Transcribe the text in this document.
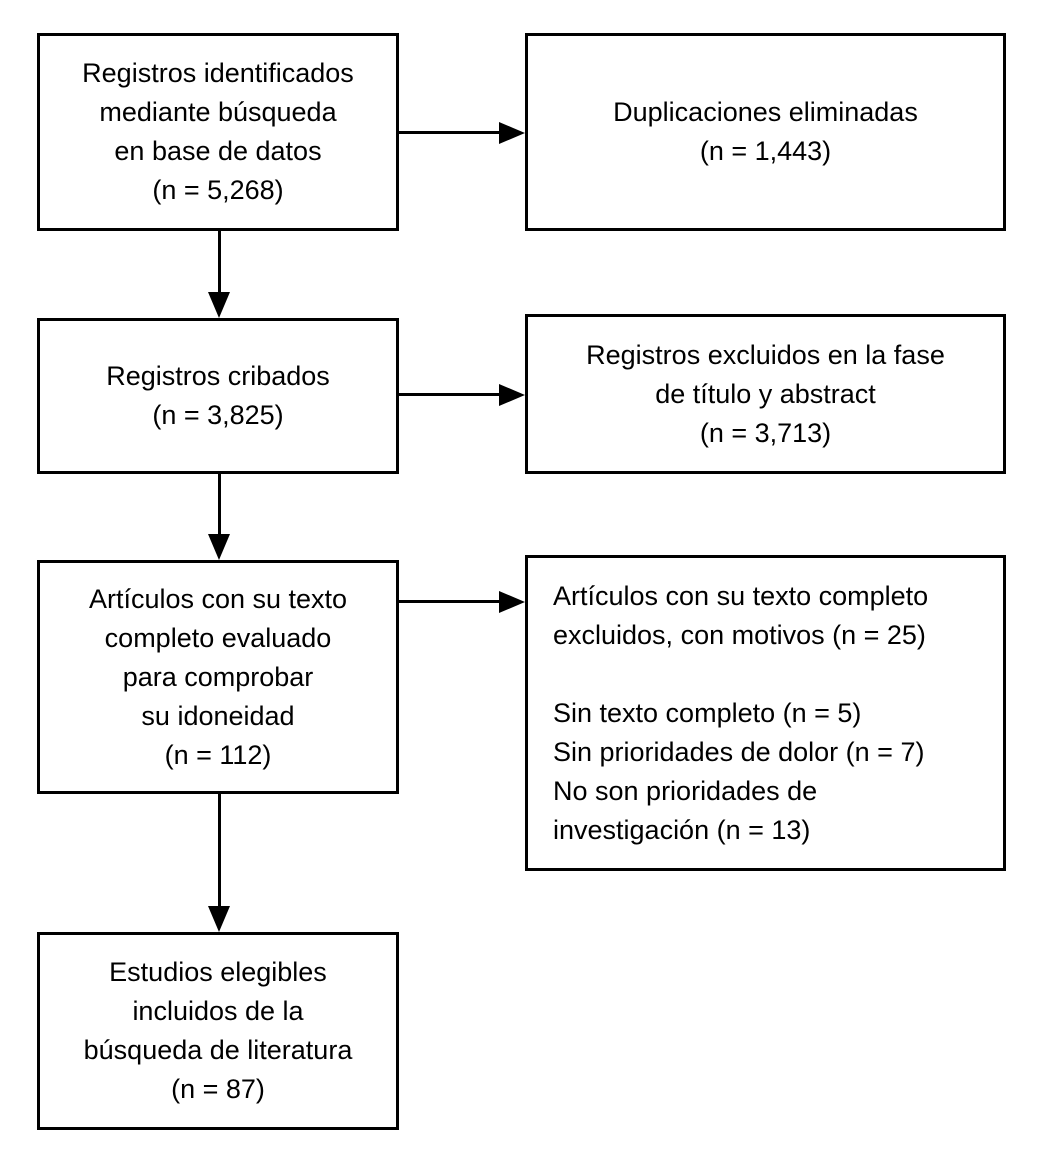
Registros identificados
mediante búsqueda
en base de datos
(n = 5,268)
Duplicaciones eliminadas
(n = 1,443)
Registros cribados
(n = 3,825)
Registros excluidos en la fase
de título y abstract
(n = 3,713)
Artículos con su texto
completo evaluado
para comprobar
su idoneidad
(n = 112)
Artículos con su texto completo
excluidos, con motivos (n = 25)
Sin texto completo (n = 5)
Sin prioridades de dolor (n = 7)
No son prioridades de
investigación (n = 13)
Estudios elegibles
incluidos de la
búsqueda de literatura
(n = 87)
